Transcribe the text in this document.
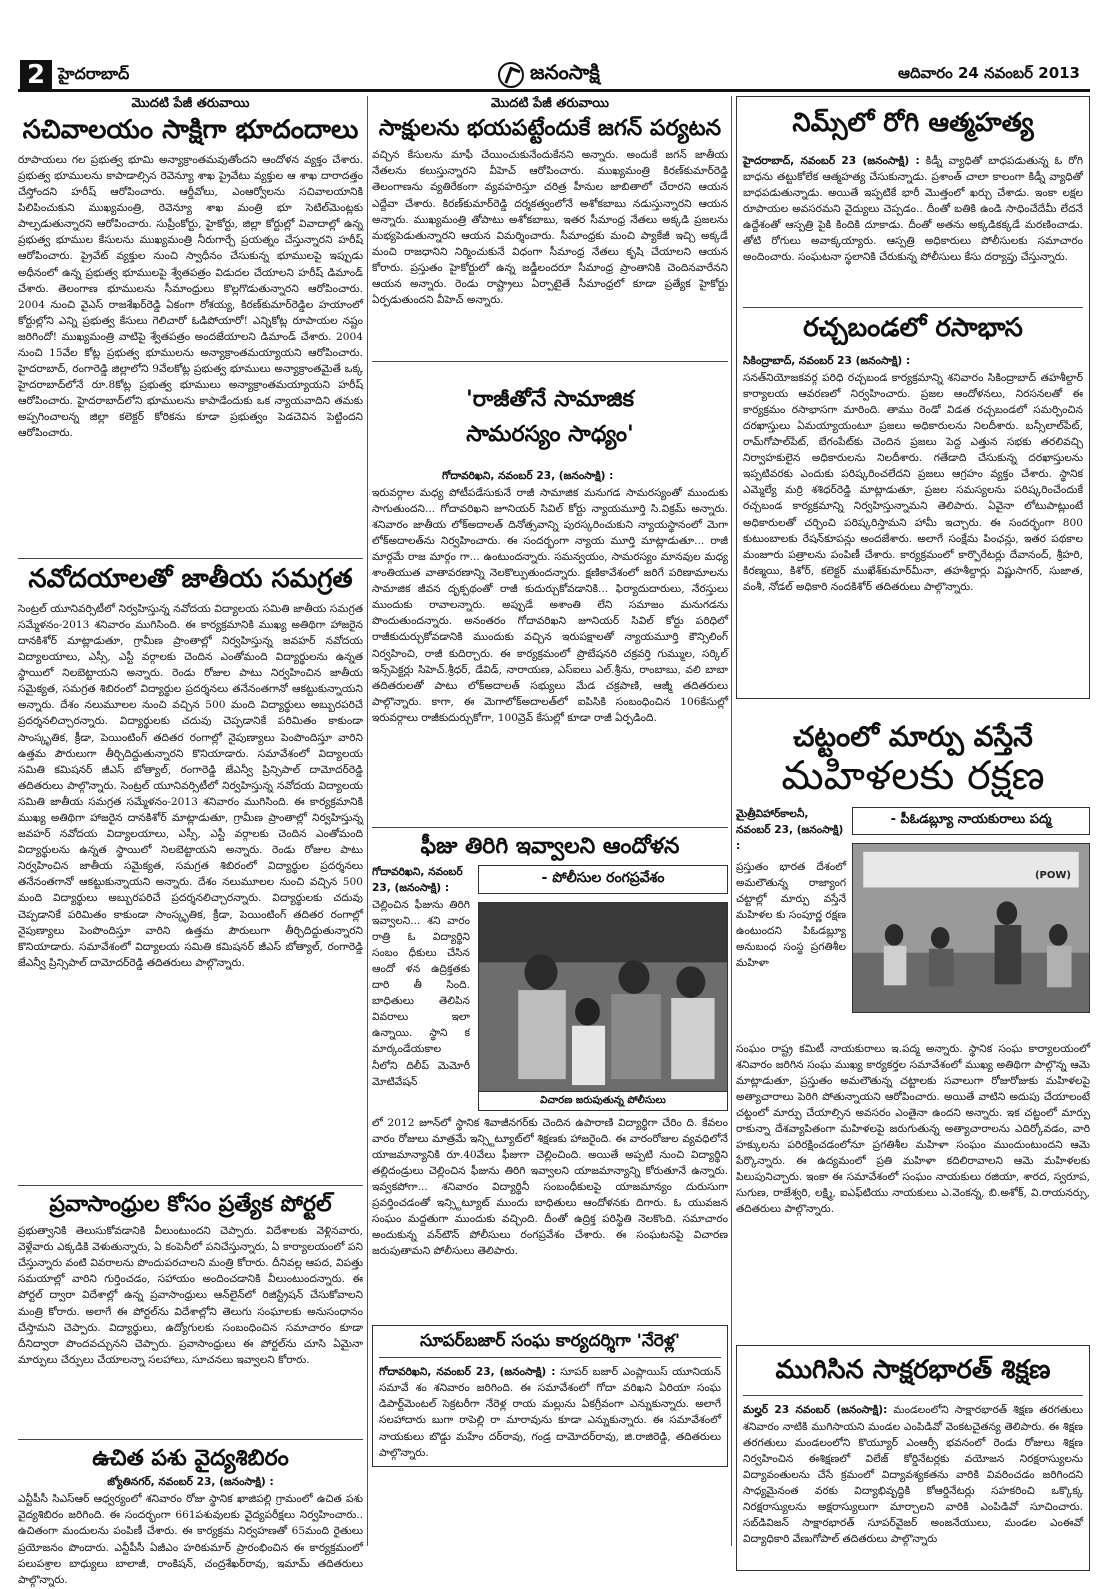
2 హైదరాబాద్	జనంసాక్షి	ఆదివారం 24 నవంబర్ 2013
మొదటి పేజీ తరువాయి
సచివాలయం సాక్షిగా భూదందాలు

రూపాయలు గల ప్రభుత్వ భూమి అన్యాక్రాంతమవుతోందని ఆందోళన వ్యక్తం చేశారు. ప్రభుత్వ భూములను కాపాడాల్సిన రెవెన్యూ శాఖ ప్రైవేటు వ్యక్తుల ఆ శాఖ దారాదత్తం చేస్తోందని హరీష్ ఆరోపించారు. ఆర్డీవోలు, ఎంఆర్వోలను సచివాలయానికి పిలిపించుకుని ముఖ్యమంత్రి, రెవెన్యూ శాఖ మంత్రి భూ సెటిల్‌మెంట్లకు పాల్పడుతున్నారని ఆరోపించారు. సుప్రీంకోర్టు, హైకోర్టు, జిల్లా కోర్టుల్లో వివాదాల్లో ఉన్న ప్రభుత్వ భూముల కేసులను ముఖ్యమంత్రి నీరుగార్చే ప్రయత్నం చేస్తున్నారని హరీష్ ఆరోపించారు. ప్రైవేట్ వ్యక్తుల నుంచి స్వాధీనం చేసుకున్న భూములపై ఇప్పుడు అధీనంలో ఉన్న ప్రభుత్వ భూములపై శ్వేతపత్రం విడుదల చేయాలని హరీష్ డిమాండ్ చేశారు. తెలంగాణ భూములను సీమాంధ్రులు కొల్లగొడుతున్నారని ఆరోపించారు. 2004 నుంచి వైఎస్ రాజశేఖర్‌రెడ్డి ఏకంగా రోశయ్య, కిరణ్‌కుమార్‌రెడ్డిల హయాంలో కోర్టుల్లోని ఎన్ని ప్రభుత్వ కేసులు గెలిచారో ఓడిపోయారో! ఎన్నికోట్ల రూపాయల నష్టం జరిగిందో! ముఖ్యమంత్రి వాటిపై శ్వేతపత్రం అందజేయాలని డిమాండ్ చేశారు. 2004 నుంచి 15వేల కోట్ల ప్రభుత్వ భూములను అన్యాక్రాంతమయ్యాయని ఆరోపించారు. హైదరాబాద్, రంగారెడ్డి జిల్లాలోని 9వేలకోట్ల ప్రభుత్వ భూములు అన్యాక్రాంతమైతే ఒక్క హైదరాబాద్‌లోనే రూ.8కోట్ల ప్రభుత్వ భూములు అన్యాక్రాంతమయ్యాయని హరీష్ ఆరోపించారు. హైదరాబాద్‌లోని భూములను కాపాడేందుకు ఒక న్యాయవాదిని తమకు అప్పగించాలన్న జిల్లా కలెక్టర్ కోరికను కూడా ప్రభుత్వం పెడచెవిన పెట్టిందని ఆరోపించారు.

నవోదయాలతో జాతీయ సమగ్రత

సెంట్రల్ యూనివర్సిటీలో నిర్వహిస్తున్న నవోదయ విద్యాలయ సమితి జాతీయ సమగ్రత సమ్మేళనం-2013 శనివారం ముగిసింది. ఈ కార్యక్రమానికి ముఖ్య అతిథిగా హాజరైన దానకిశోర్ మాట్లాడుతూ, గ్రామీణ ప్రాంతాల్లో నిర్వహిస్తున్న జవహర్ నవోదయ విద్యాలయాలు, ఎస్సీ, ఎస్టీ వర్గాలకు చెందిన ఎంతోమంది విద్యార్థులను ఉన్నత స్థాయిలో నిలబెట్టాయని అన్నారు. రెండు రోజుల పాటు నిర్వహించిన జాతీయ సమైక్యత, సమగ్రత శిబిరంలో విద్యార్థుల ప్రదర్శనలు తనేనంతగానో ఆకట్టుకున్నాయని అన్నారు. దేశం నలుమూలల నుంచి వచ్చిన 500 మంది విద్యార్థులు అబ్బురపరిచే ప్రదర్శనలిచ్చారన్నారు. విద్యార్థులకు చదువు చెప్పడానికే పరిమితం కాకుండా సాంస్కృతిక, క్రీడా, పెయింటింగ్ తదితర రంగాల్లో నైపుణ్యాలు పెంపొందిస్తూ వారిని ఉత్తమ పౌరులుగా తీర్చిదిద్దుతున్నారని కొనియాడారు. సమావేశంలో విద్యాలయ సమితి కమిషనర్ జీఎస్ బోత్యాల్, రంగారెడ్డి జేఎన్వీ ప్రిన్సిపాల్ దామోదర్‌రెడ్డి తదితరులు పాల్గొన్నారు. సెంట్రల్ యూనివర్సిటీలో నిర్వహిస్తున్న నవోదయ విద్యాలయ సమితి జాతీయ సమగ్రత సమ్మేళనం-2013 శనివారం ముగిసింది. ఈ కార్యక్రమానికి ముఖ్య అతిథిగా హాజరైన దానకిశోర్ మాట్లాడుతూ, గ్రామీణ ప్రాంతాల్లో నిర్వహిస్తున్న జవహర్ నవోదయ విద్యాలయాలు, ఎస్సీ, ఎస్టీ వర్గాలకు చెందిన ఎంతోమంది విద్యార్థులను ఉన్నత స్థాయిలో నిలబెట్టాయని అన్నారు. రెండు రోజుల పాటు నిర్వహించిన జాతీయ సమైక్యత, సమగ్రత శిబిరంలో విద్యార్థుల ప్రదర్శనలు తనేనంతగానో ఆకట్టుకున్నాయని అన్నారు. దేశం నలుమూలల నుంచి వచ్చిన 500 మంది విద్యార్థులు అబ్బురపరిచే ప్రదర్శనలిచ్చారన్నారు. విద్యార్థులకు చదువు చెప్పడానికే పరిమితం కాకుండా సాంస్కృతిక, క్రీడా, పెయింటింగ్ తదితర రంగాల్లో నైపుణ్యాలు పెంపొందిస్తూ వారిని ఉత్తమ పౌరులుగా తీర్చిదిద్దుతున్నారని కొనియాడారు. సమావేశంలో విద్యాలయ సమితి కమిషనర్ జీఎస్ బోత్యాల్, రంగారెడ్డి జేఎన్వీ ప్రిన్సిపాల్ దామోదర్‌రెడ్డి తదితరులు పాల్గొన్నారు.

ప్రవాసాంధ్రుల కోసం ప్రత్యేక పోర్టల్

ప్రభుత్వానికి తెలుసుకోవడానికి వీలుంటుందని చెప్పారు. విదేశాలకు వెళ్లినవారు, వెళ్లేవారు ఎక్కడికి వెళుతున్నారు, ఏ కంపెనీలో పనిచేస్తున్నారు, ఏ కార్యాలయంలో పని చేస్తున్నారు వంటి వివరాలను పొందుపరచాలని మంత్రి కోరారు. దీనివల్ల ఆపద, విపత్తు సమయాల్లో వారిని గుర్తించడం, సహాయం అందించడానికి వీలుంటుందన్నారు. ఈ పోర్టల్ ద్వారా విదేశాల్లో ఉన్న ప్రవాసాంధ్రులు ఆన్‌లైన్‌లో రిజిస్ట్రేషన్ చేసుకోవాలని మంత్రి కోరారు. అలాగే ఈ పోర్టల్‌ను విదేశాల్లోని తెలుగు సంఘాలకు అనుసంధానం చేస్తామని చెప్పారు. విద్యార్థులు, ఉద్యోగులకు సంబంధించిన సమాచారం కూడా దీనిద్వారా పొందవచ్చునని చెప్పారు. ప్రవాసాంధ్రులు ఈ పోర్టల్‌ను చూసి ఏమైనా మార్పులు చేర్పులు చేయాలన్నా సలహాలు, సూచనలు ఇవ్వాలని కోరారు.

ఉచిత పశు వైద్యశిబిరం
జ్యోతినగర్, నవంబర్ 23, (జనంసాక్షి) :

ఎన్టీపీసీ సిఎస్‌ఆర్ ఆధ్వర్యంలో శనివారం రోజు స్థానిక ఖాజిపల్లి గ్రామంలో ఉచిత పశు వైద్యశిబిరం జరిగింది. ఈ సందర్భంగా 661పశువులకు వైద్యపరీక్షలు నిర్వహించారు.. ఉచితంగా మందులను పంపిణీ చేశారు. ఈ కార్యక్రమ నిర్వహణతో 65మంది రైతులు ప్రయోజనం పొందారు. ఎన్టీపీసీ ఏజీఎం హరికుమార్ ప్రారంభించిన ఈ కార్యక్రమంలో పలుపశ్రాల బాధ్యులు బాలాజీ, రాంకిషన్, చంద్రశేఖర్‌రావు, ఇమామ్ తదితరులు పాల్గొన్నారు.

మొదటి పేజీ తరువాయి
సాక్షులను భయపట్టేందుకే జగన్ పర్యటన

వచ్చిన కేసులను మాఫీ చేయించుకునేందుకేనని అన్నారు. అందుకే జగన్ జాతీయ నేతలను కలుస్తున్నారని వీహెచ్ ఆరోపించారు. ముఖ్యమంత్రి కిరణ్‌కుమార్‌రెడ్డి తెలంగాణను వ్యతిరేకంగా వ్యవహరిస్తూ చరిత్ర హీనుల జాబితాలో చేరారని ఆయన ఎద్దేవా చేశారు. కిరణ్‌కుమార్‌రెడ్డి దర్శకత్వంలోనే అశోకబాబు నడుస్తున్నారని ఆయన అన్నారు. ముఖ్యమంత్రి తోపాటు అశోకబాబు, ఇతర సీమాంధ్ర నేతలు అక్కడి ప్రజలను మభ్యపెడుతున్నారని ఆయన విమర్శించారు. సీమాంధ్రకు మంచి ప్యాకేజీ ఇచ్చి అక్కడే మంచి రాజధానిని నిర్మించుకునే విధంగా సీమాంధ్ర నేతలు కృషి చేయాలని ఆయన కోరారు. ప్రస్తుతం హైకోర్టులో ఉన్న జడ్జీలందరూ సీమాంధ్ర ప్రాంతానికి చెందినవారేనని ఆయన అన్నారు. రెండు రాష్ట్రాలు ఏర్పాటైతే సీమాంధ్రలో కూడా ప్రత్యేక హైకోర్టు ఏర్పడుతుందని వీహెచ్ అన్నారు.

'రాజీతోనే సామాజిక
సామరస్యం సాధ్యం'
గోదావరిఖని, నవంబర్ 23, (జనంసాక్షి) :

ఇరువర్గాల మధ్య పోటీపడేసుకునే రాజీ సామాజిక మనుగడ సామరస్యంతో ముందుకు సాగుతుందని... గోదావరిఖని జూనియర్ సివిల్ కోర్టు న్యాయమూర్తి సి.విక్రమ్ అన్నారు. శనివారం జాతీయ లోక్‌అదాలత్ దినోత్సవాన్ని పురస్కరించుకుని న్యాయస్థానంలో మెగా లోక్‌అదాలత్‌ను నిర్వహించారు. ఈ సందర్భంగా న్యాయ మూర్తి మాట్లాడుతూ... రాజీ మార్గమే రాజ మార్గం గా... ఉంటుందన్నారు. సమన్వయం, సామరస్యం మానవుల మధ్య శాంతియుత వాతావరణాన్ని నెలకొల్పుతుందన్నారు. క్షణికావేశంలో జరిగే పరిణామాలను సామాజిక జీవన దృక్పథంతో రాజీ కుదుర్చుకోవడానికి... ఫిర్యాదుదారులు, నేరస్తులు ముందుకు రావాలన్నారు. అప్పుడే అశాంతి లేని సమాజం మనుగడను పొందుతుందన్నారు. అనంతరం గోదావరిఖని జూనియర్ సివిల్ కోర్టు పరిధిలో రాజీకుదుర్చుకోవడానికి ముందుకు వచ్చిన ఇరుపక్షాలతో న్యాయమూర్తి కౌన్సిలింగ్ నిర్వహించి, రాజీ కుదిర్చారు. ఈ కార్యక్రమంలో ప్రొబేషనరి చక్రవర్తి గుమ్ముల, సర్కిల్ ఇన్స్‌పెక్టర్లు సిహెచ్.శ్రీధర్, డేవిడ్, నారాయణ, ఎస్ఐలు ఎల్.శ్రీను, రాంబాబు, వలి బాబా తదితరులతో పాటు లోక్‌అదాలత్ సభ్యులు మేడ చక్రపాణి, ఆజ్మీ తదితరులు పాల్గొన్నారు. కాగా, ఈ మెగాలోక్‌అదాలత్‌లో ఐపిసికి సంబంధించిన 106కేసుల్లో ఇరువర్గాలు రాజీకుదుర్చుకోగా, 100వ్రెవ్ కేసుల్లో కూడా రాజీ ఏర్పడింది.

ఫీజు తిరిగి ఇవ్వాలని ఆందోళన
గోదావరిఖని, నవంబర్ 23, (జనంసాక్షి) :

చెల్లించిన ఫీజును తిరిగి ఇవ్వాలని... శని వారం రాత్రి ఓ విద్యార్థిని సంబం ధీకులు చేసిన ఆందో ళన ఉద్రిక్తతకు దారి తీ సింది. బాధితులు తెలిపిన వివరాలు ఇలా ఉన్నాయి. స్థాని క మార్కండేయకాల నీలోని దిలీప్ మెమోరీ మోటివేషన్

- పోలీసుల రంగప్రవేశం
విచారణ జరుపుతున్న పోలీసులు

లో 2012 జూన్‌లో స్థానిక శివాజీనగర్‌కు చెందిన ఉపారాణి విద్యార్థిగా చేరిం ది. కేవలం వారం రోజులు మాత్రమే ఇన్స్టిట్యూట్‌లో శిక్షణకు హాజరైంది. ఈ వారంరోజుల వ్యవధిలోనే యాజమాన్యానికి రూ.40వేలు ఫీజుగా చెల్లించింది. అయితే అప్పటి నుంచి విద్యార్థిని తల్లిదండ్రులు చెల్లించిన ఫీజును తిరిగి ఇవ్వాలని యాజమాన్యాన్ని కోరుతూనే ఉన్నారు. ఇవ్వకపోగా... శనివారం విద్యార్థినీ సంబంధీకులపై యాజమాన్యం దురుసుగా ప్రవర్తించడంతో ఇన్స్టిట్యూట్ ముందు బాధితులు ఆందోళనకు దిగారు. ఓ యువజన సంఘం మద్దతుగా ముందుకు వచ్చింది. దీంతో ఉద్రిక్త పరిస్థితి నెలకొంది. సమాచారం అందుకున్న వన్‌టౌన్ పోలీసులు రంగప్రవేశం చేశారు. ఈ సంఘటనపై విచారణ జరుపుతామని పోలీసులు తెలిపారు.

సూపర్‌బజార్ సంఘ కార్యదర్శిగా 'నేరెళ్ల'

గోదావరిఖని, నవంబర్ 23, (జనంసాక్షి) : సూపర్ బజార్ ఎంప్లాయిస్ యూనియన్ సమావే శం శనివారం జరిగింది. ఈ సమావేశంలో గోదా వరిఖని ఏరియా సంఘ డిపార్ట్‌మెంటల్ సెక్రటరీగా నేరెళ్ల రాయ మల్లును ఏకగ్రీవంగా ఎన్నుకున్నారు. అలాగే సలహాదారు బుగా రాపెల్లి రా మారావును కూడా ఎన్నుకున్నారు. ఈ సమావేశంలో నాయకులు బొడ్డు మహేం దర్‌రావు, గండ్ర దామోదర్‌రావు, జి.రాజిరెడ్డి, తదితరులు పాల్గొన్నారు.

నిమ్స్‌లో రోగి ఆత్మహత్య

హైదరాబాద్, నవంబర్ 23 (జనంసాక్షి) : కిడ్నీ వ్యాధితో బాధపడుతున్న ఓ రోగి బాధను తట్టుకోలేక ఆత్మహత్య చేసుకున్నాడు. ప్రశాంత్ చాలా కాలంగా కిడ్నీ వ్యాధితో బాధపడుతున్నాడు. అయితే ఇప్పటికే భారీ మొత్తంలో ఖర్చు చేశాడు. ఇంకా లక్షల రూపాయల అవసరమని వైద్యులు చెప్పడం.. దీంతో బతికి ఉండి సాధించేదేమీ లేదనే ఉద్దేశంతో ఆస్పత్రి పైకి కిందికి దూకాడు. దీంతో అతను అక్కడికక్కడే మరణించాడు. తోటి రోగులు అవాక్కయ్యారు. ఆస్పత్రి అధికారులు పోలీసులకు సమాచారం అందించారు. సంఘటనా స్థలానికి చేరుకున్న పోలీసులు కేసు దర్యాప్తు చేస్తున్నారు.

రచ్చబండలో రసాభాస
సికింద్రాబాద్, నవంబర్ 23 (జనంసాక్షి) :

సనత్‌నియోజకవర్గ పరిధి రచ్చబండ కార్యక్రమాన్ని శనివారం సికింద్రాబాద్ తహశీల్దార్ కార్యాలయ ఆవరణలో నిర్వహించారు. ప్రజల ఆందోళనలు, నిరసనలతో ఈ కార్యక్రమం రసాభాసగా మారింది. తాము రెండో విడత రచ్చబండలో సమర్పించిన దరఖాస్తులు ఏమయ్యాయంటూ ప్రజలు అధికారులను నిలదీశారు. బన్సీలాల్‌పేట్, రామ్‌గోపాల్‌పేట్, బేగంపేట్‌కు చెందిన ప్రజలు పెద్ద ఎత్తున సభకు తరలివచ్చి నిర్వాహకులైన అధికారులను నిలదీశారు. గతేడాది చేసుకున్న దరఖాస్తులను ఇప్పటివరకు ఎందుకు పరిష్కరించలేదని ప్రజలు ఆగ్రహం వ్యక్తం చేశారు. స్థానిక ఎమ్మెల్యే మర్రి శశిధర్‌రెడ్డి మాట్లాడుతూ, ప్రజల సమస్యలను పరిష్కరించేందుకే రచ్చబండ కార్యక్రమాన్ని నిర్వహిస్తున్నామని తెలిపారు. ఏవైనా లోటుపాట్లుంటే అధికారులతో చర్చించి పరిష్కరిస్తామని హామీ ఇచ్చారు. ఈ సందర్భంగా 800 కుటుంబాలకు రేషన్‌కూపన్లు అందజేశారు. అలాగే సంక్షేమ పింఛన్లు, ఇతర పథకాల మంజూరు పత్రాలను పంపిణీ చేశారు. కార్యక్రమంలో కార్పొరేటర్లు దేవానంద్, శ్రీహరి, కిరణ్మయి, కిశోర్, కలెక్టర్ ముఖేశ్‌కుమార్‌మీనా, తహశీల్దార్లు విష్ణుసాగర్, సుజాత, వంశీ, నోడల్ అధికారి నందకిశోర్ తదితరులు పాల్గొన్నారు.

చట్టంలో మార్పు వస్తేనే
మహిళలకు రక్షణ
మైత్రీవిహార్‌కాలనీ, నవంబర్ 23, (జనంసాక్షి) :

ప్రస్తుతం భారత దేశంలో అమలౌతున్న రాజ్యాంగ చట్టాల్లో మార్పు వస్తేనే మహిళల కు సంపూర్ణ రక్షణ ఉంటుందని పిఓడబ్ల్యూ అనుబంధ సంస్థ ప్రగతిశీల మహిళా

- పీఓడబ్ల్యూ నాయకురాలు పద్మ
(POW)

సంఘం రాష్ట్ర కమిటీ నాయకురాలు ఇ.పద్మ అన్నారు. స్థానిక సంఘ కార్యాలయంలో శనివారం జరిగిన సంఘ ముఖ్య కార్యకర్తల సమావేశంలో ముఖ్య అతిథిగా పాల్గొన్న ఆమె మాట్లాడుతూ, ప్రస్తుతం అమలౌతున్న చట్టాలకు సవాలుగా రోజురోజుకు మహిళలపై అత్యాచారాలు పెరిగి పోతున్నాయని ఆరోపించారు. అయితే వాటిని అదుపు చేయాలంటే చట్టంలో మార్పు చేయాల్సిన అవసరం ఎంతైనా ఉందని అన్నారు. ఇక చట్టంలో మార్పు రాకున్నా దేశవ్యాపితంగా మహిళలపై జరుగుతున్న అత్యాచారాలను ఎదిర్కోవడం, వారి హక్కులను పరిరక్షించడంలోనూ ప్రగతిశీల మహిళా సంఘం ముందుంటుందని ఆమె పేర్కొన్నారు. ఈ ఉద్యమంలో ప్రతి మహిళా కదిలిరావాలని ఆమె మహిళలకు పిలుపునిచ్చారు. ఇంకా ఈ సమావేశంలో సంఘం నాయకులు రజియా, శారద, స్వరూప, సుగుణ, రాజేశ్వరి, లక్ష్మి, ఐఎఫ్‌టియు నాయకులు ఎ.వెంకన్న, బి.అశోక్, వి.రాయనర్సు, తదితరులు పాల్గొన్నారు.

ముగిసిన సాక్షరభారత్ శిక్షణ

మల్హర్ 23 నవంబర్ (జనంసాక్షి): మండలంలోని సాక్షారభారత్ శిక్షణ తరగతులు శనివారం నాటికి ముగిసాయని మండల ఎంపిడివో వెంకటచైతన్య తెలిపారు. ఈ శిక్షణ తరగతులు మండలంలోని కొయ్యూర్ ఎంఆర్సీ భవనంలో రెండు రోజులు శిక్షణ నిర్వహించిన ఈశిక్షణలో విలేజ్ కోర్డినేటర్లకు వయోజన నిరక్షరాస్యులను విద్యావంతులను చేసే క్రమంలో విద్యావశ్యకతను వారికి వివరించడం జరిగిందని సాధ్యమైనంత వరకు విద్యాభివృద్ధికి కోఆర్డినేటర్లు సహకరించి ఒక్కొక్క నిరక్షరాస్యులను అక్షరాస్యులుగా మార్చాలని వారికి ఎంపిడివో సూచించారు. సబ్‌డివిజన్ సాక్షారభారత్ సూపర్‌వైజర్ అంజనేయులు, మండల ఎంఈవో విద్యాధికారి వేణుగోపాల్ తదితరులు పాల్గొన్నారు
